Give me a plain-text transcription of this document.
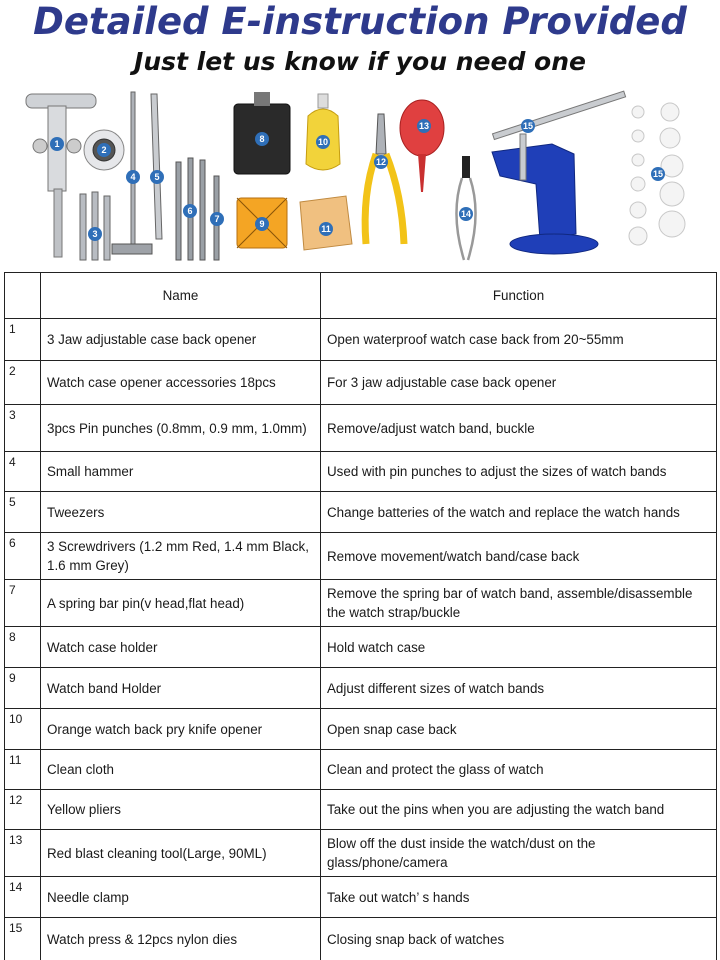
Detailed E-instruction Provided
Just let us know if you need one
1
2
3
4 5
6
7
8
9
10
11
12
13
14
15
15
	Name	Function
1	3 Jaw adjustable case back opener	Open waterproof watch case back from 20~55mm
2	Watch case opener accessories 18pcs	For 3 jaw adjustable case back opener
3	3pcs Pin punches (0.8mm, 0.9 mm, 1.0mm)	Remove/adjust watch band, buckle
4	Small hammer	Used with pin punches to adjust the sizes of watch bands
5	Tweezers	Change batteries of the watch and replace the watch hands
6	3 Screwdrivers (1.2 mm Red, 1.4 mm Black, 1.6 mm Grey)	Remove movement/watch band/case back
7	A spring bar pin(v head,flat head)	Remove the spring bar of watch band, assemble/disassemble the watch strap/buckle
8	Watch case holder	Hold watch case
9	Watch band Holder	Adjust different sizes of watch bands
10	Orange watch back pry knife opener	Open snap case back
11	Clean cloth	Clean and protect the glass of watch
12	Yellow pliers	Take out the pins when you are adjusting the watch band
13	Red blast cleaning tool(Large, 90ML)	Blow off the dust inside the watch/dust on the glass/phone/camera
14	Needle clamp	Take out watch’ s hands
15	Watch press & 12pcs nylon dies	Closing snap back of watches
